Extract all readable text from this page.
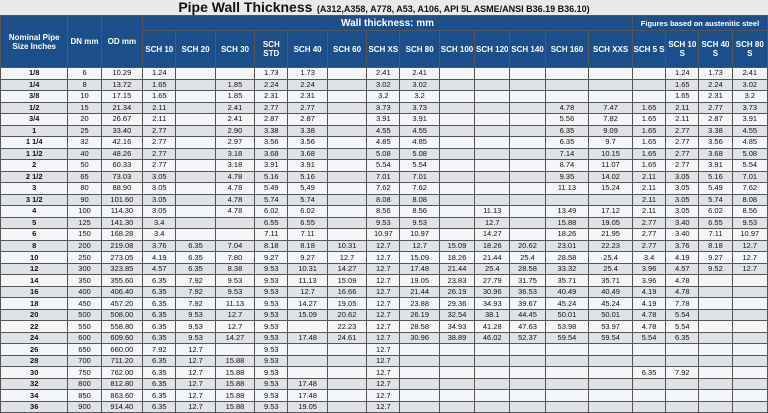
Pipe Wall Thickness (A312,A358, A778, A53, A106, API 5L ASME/ANSI B36.19 B36.10)
Nominal Pipe Size Inches	DN mm	OD mm	Wall thickness: mm													Figures based on austenitic steel			
			SCH 10	SCH 20	SCH 30	SCH STD	SCH 40	SCH 60	SCH XS	SCH 80	SCH 100	SCH 120	SCH 140	SCH 160	SCH XXS	SCH 5 S	SCH 10 S	SCH 40 S	SCH 80 S
1/8	6	10.29	1.24			1.73	1.73		2.41	2.41							1.24	1.73	2.41
1/4	8	13.72	1.65		1.85	2.24	2.24		3.02	3.02							1.65	2.24	3.02
3/8	10	17.15	1.65		1.85	2.31	2.31		3.2	3.2							1.65	2.31	3.2
1/2	15	21.34	2.11		2.41	2.77	2.77		3.73	3.73				4.78	7.47	1.65	2.11	2.77	3.73
3/4	20	26.67	2.11		2.41	2.87	2.87		3.91	3.91				5.56	7.82	1.65	2.11	2.87	3.91
1	25	33.40	2.77		2.90	3.38	3.38		4.55	4.55				6.35	9.09	1.65	2.77	3.38	4.55
1 1/4	32	42.16	2.77		2.97	3.56	3.56		4.85	4.85				6.35	9.7	1.65	2.77	3.56	4.85
1 1/2	40	48.26	2.77		3.18	3.68	3.68		5.08	5.08				7.14	10.15	1.65	2.77	3.68	5.08
2	50	60.33	2.77		3.18	3.91	3.91		5.54	5.54				8.74	11.07	1.65	2.77	3.91	5.54
2 1/2	65	73.03	3.05		4.78	5.16	5.16		7.01	7.01				9.35	14.02	2.11	3.05	5.16	7.01
3	80	88.90	3.05		4.78	5.49	5.49		7.62	7.62				11.13	15.24	2.11	3.05	5.49	7.62
3 1/2	90	101.60	3.05		4.78	5.74	5.74		8.08	8.08						2.11	3.05	5.74	8.08
4	100	114.30	3.05		4.78	6.02	6.02		8.56	8.56		11.13		13.49	17.12	2.11	3.05	6.02	8.56
5	125	141.30	3.4			6.55	6.55		9.53	9.53		12.7		15.88	19.05	2.77	3.40	6.55	9.53
6	150	168.28	3.4			7.11	7.11		10.97	10.97		14.27		18.26	21.95	2.77	3.40	7.11	10.97
8	200	219.08	3.76	6.35	7.04	8.18	8.18	10.31	12.7	12.7	15.09	18.26	20.62	23.01	22.23	2.77	3.76	8.18	12.7
10	250	273.05	4.19	6.35	7.80	9.27	9.27	12.7	12.7	15.09	18.26	21.44	25.4	28.58	25.4	3.4	4.19	9.27	12.7
12	300	323.85	4.57	6.35	8.38	9.53	10.31	14.27	12.7	17.48	21.44	25.4	28.58	33.32	25.4	3.96	4.57	9.52	12.7
14	350	355.60	6.35	7.92	9.53	9.53	11.13	15.09	12.7	19.05	23.83	27.79	31.75	35.71	35.71	3.96	4.78		
16	400	406.40	6.35	7.92	9.53	9.53	12.7	16.66	12.7	21.44	26.19	30.96	36.53	40.49	40.49	4.19	4.78		
18	450	457.20	6.35	7.92	11.13	9.53	14.27	19.05	12.7	23.88	29.36	34.93	39.67	45.24	45.24	4.19	7.78		
20	500	508.00	6.35	9.53	12.7	9.53	15.09	20.62	12.7	26.19	32.54	38.1	44.45	50.01	50.01	4.78	5.54		
22	550	558.80	6.35	9.53	12.7	9.53		22.23	12.7	28.58	34.93	41.28	47.63	53.98	53.97	4.78	5.54		
24	600	609.60	6.35	9.53	14.27	9.53	17.48	24.61	12.7	30.96	38.89	46.02	52.37	59.54	59.54	5.54	6.35		
26	650	660.00	7.92	12.7		9.53			12.7										
28	700	711.20	6.35	12.7	15.88	9.53			12.7										
30	750	762.00	6.35	12.7	15.88	9.53			12.7							6.35	7.92		
32	800	812.80	6.35	12.7	15.88	9.53	17.48		12.7										
34	850	863.60	6.35	12.7	15.88	9.53	17.48		12.7										
36	900	914.40	6.35	12.7	15.88	9.53	19.05		12.7										
